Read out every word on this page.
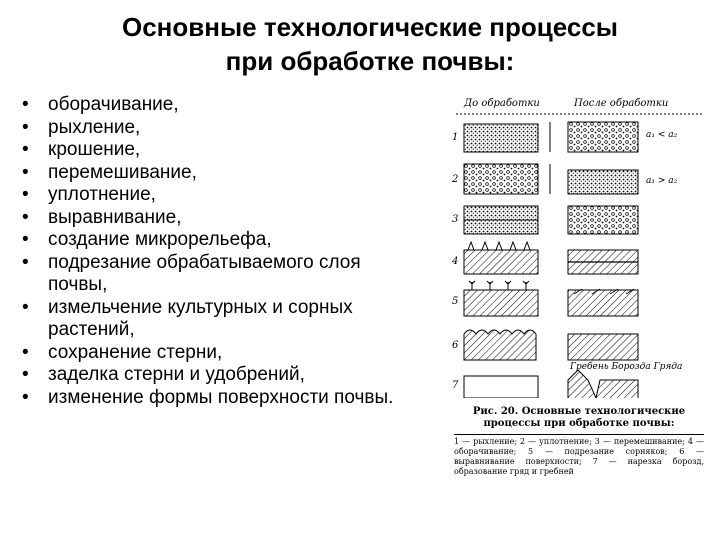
Основные технологические процессы
при обработке почвы:
• оборачивание,
• рыхление,
• крошение,
• перемешивание,
• уплотнение,
• выравнивание,
• создание микрорельефа,
• подрезание обрабатываемого слоя почвы,
• измельчение культурных и сорных растений,
• сохранение стерни,
• заделка стерни и удобрений,
• изменение формы поверхности почвы.
До обработки	После обработки
1
2
3
4
5
6
7
a₁ < a₂
a₁ > a₂
Гребень Борозда Гряда
Рис. 20. Основные технологические процессы при обработке почвы:
1 — рыхление; 2 — уплотнение; 3 — перемешивание; 4 — оборачивание; 5 — подрезание сорняков; 6 — выравнивание поверхности; 7 — нарезка борозд, образование гряд и гребней
